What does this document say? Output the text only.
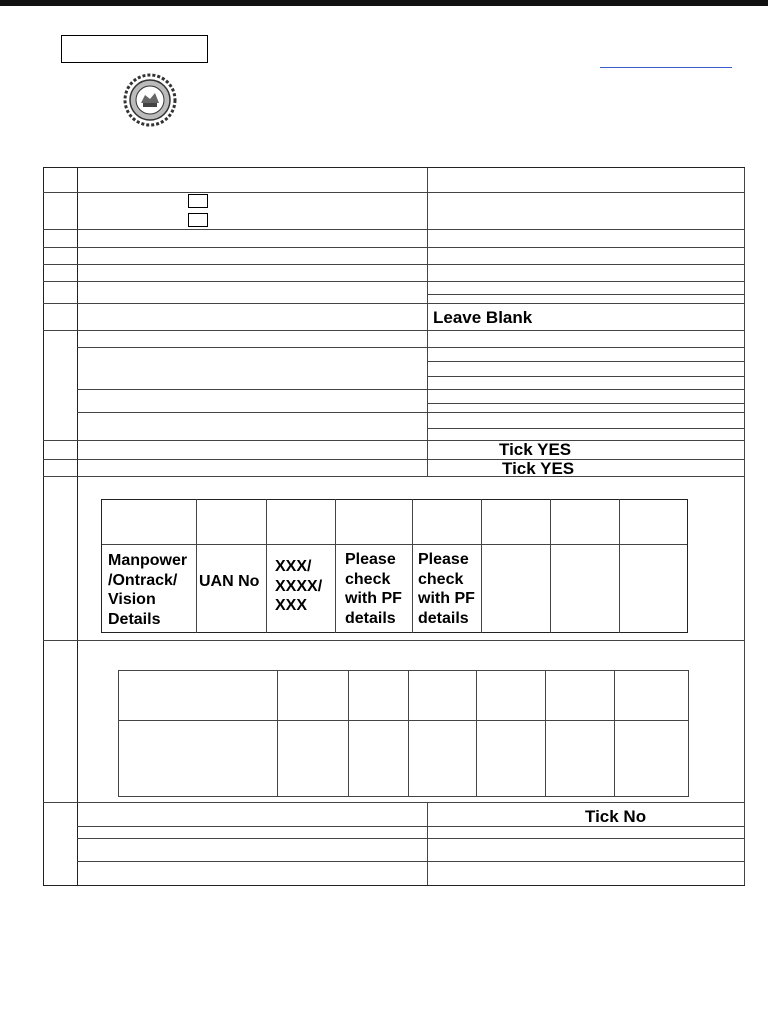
Leave Blank
Tick YES
Tick YES
Tick No
Manpower /Ontrack/ Vision Details
UAN No
XXX/ XXXX/ XXX
Please check with PF details
Please check with PF details
